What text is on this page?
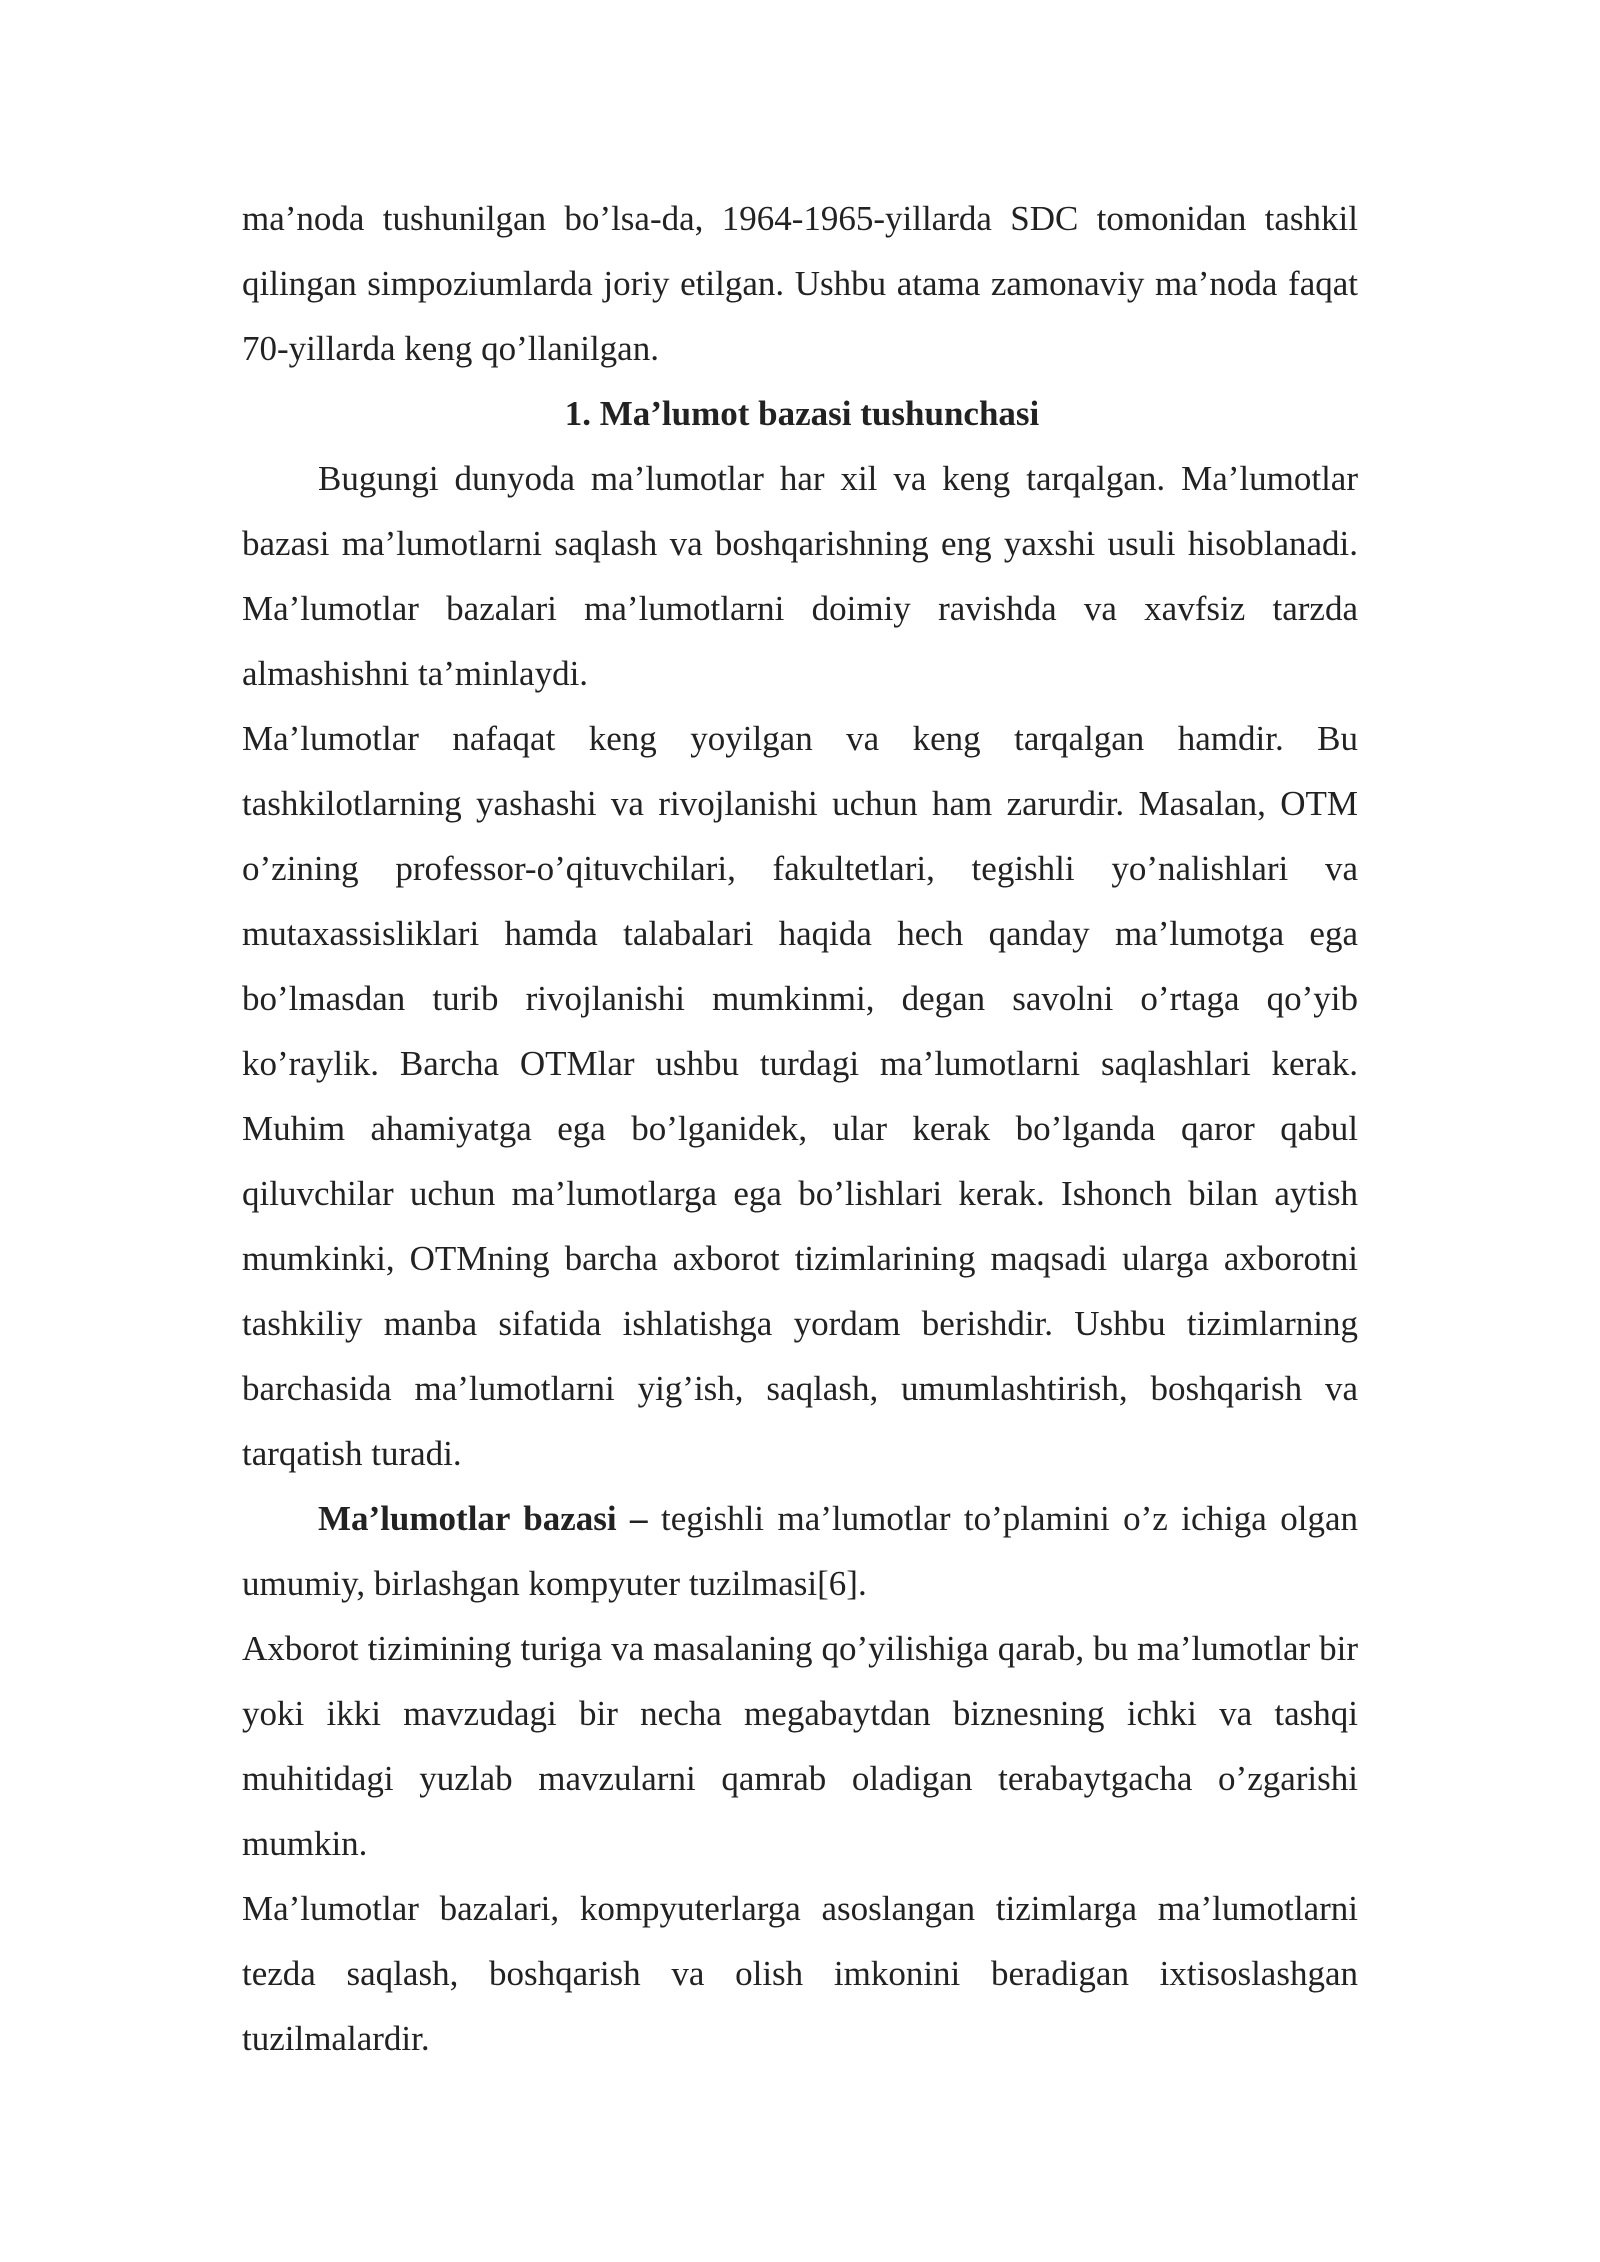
ma’noda tushunilgan bo’lsa-da, 1964-1965-yillarda SDC tomonidan tashkil qilingan simpoziumlarda joriy etilgan. Ushbu atama zamonaviy ma’noda faqat 70-yillarda keng qo’llanilgan.

1. Ma’lumot bazasi tushunchasi

Bugungi dunyoda ma’lumotlar har xil va keng tarqalgan. Ma’lumotlar bazasi ma’lumotlarni saqlash va boshqarishning eng yaxshi usuli hisoblanadi. Ma’lumotlar bazalari ma’lumotlarni doimiy ravishda va xavfsiz tarzda almashishni ta’minlaydi.

Ma’lumotlar nafaqat keng yoyilgan va keng tarqalgan hamdir. Bu tashkilotlarning yashashi va rivojlanishi uchun ham zarurdir. Masalan, OTM o’zining professor-o’qituvchilari, fakultetlari, tegishli yo’nalishlari va mutaxassisliklari hamda talabalari haqida hech qanday ma’lumotga ega bo’lmasdan turib rivojlanishi mumkinmi, degan savolni o’rtaga qo’yib ko’raylik. Barcha OTMlar ushbu turdagi ma’lumotlarni saqlashlari kerak. Muhim ahamiyatga ega bo’lganidek, ular kerak bo’lganda qaror qabul qiluvchilar uchun ma’lumotlarga ega bo’lishlari kerak. Ishonch bilan aytish mumkinki, OTMning barcha axborot tizimlarining maqsadi ularga axborotni tashkiliy manba sifatida ishlatishga yordam berishdir. Ushbu tizimlarning barchasida ma’lumotlarni yig’ish, saqlash, umumlashtirish, boshqarish va tarqatish turadi.

Ma’lumotlar bazasi – tegishli ma’lumotlar to’plamini o’z ichiga olgan umumiy, birlashgan kompyuter tuzilmasi[6].

Axborot tizimining turiga va masalaning qo’yilishiga qarab, bu ma’lumotlar bir yoki ikki mavzudagi bir necha megabaytdan biznesning ichki va tashqi muhitidagi yuzlab mavzularni qamrab oladigan terabaytgacha o’zgarishi mumkin.

Ma’lumotlar bazalari, kompyuterlarga asoslangan tizimlarga ma’lumotlarni tezda saqlash, boshqarish va olish imkonini beradigan ixtisoslashgan tuzilmalardir.
